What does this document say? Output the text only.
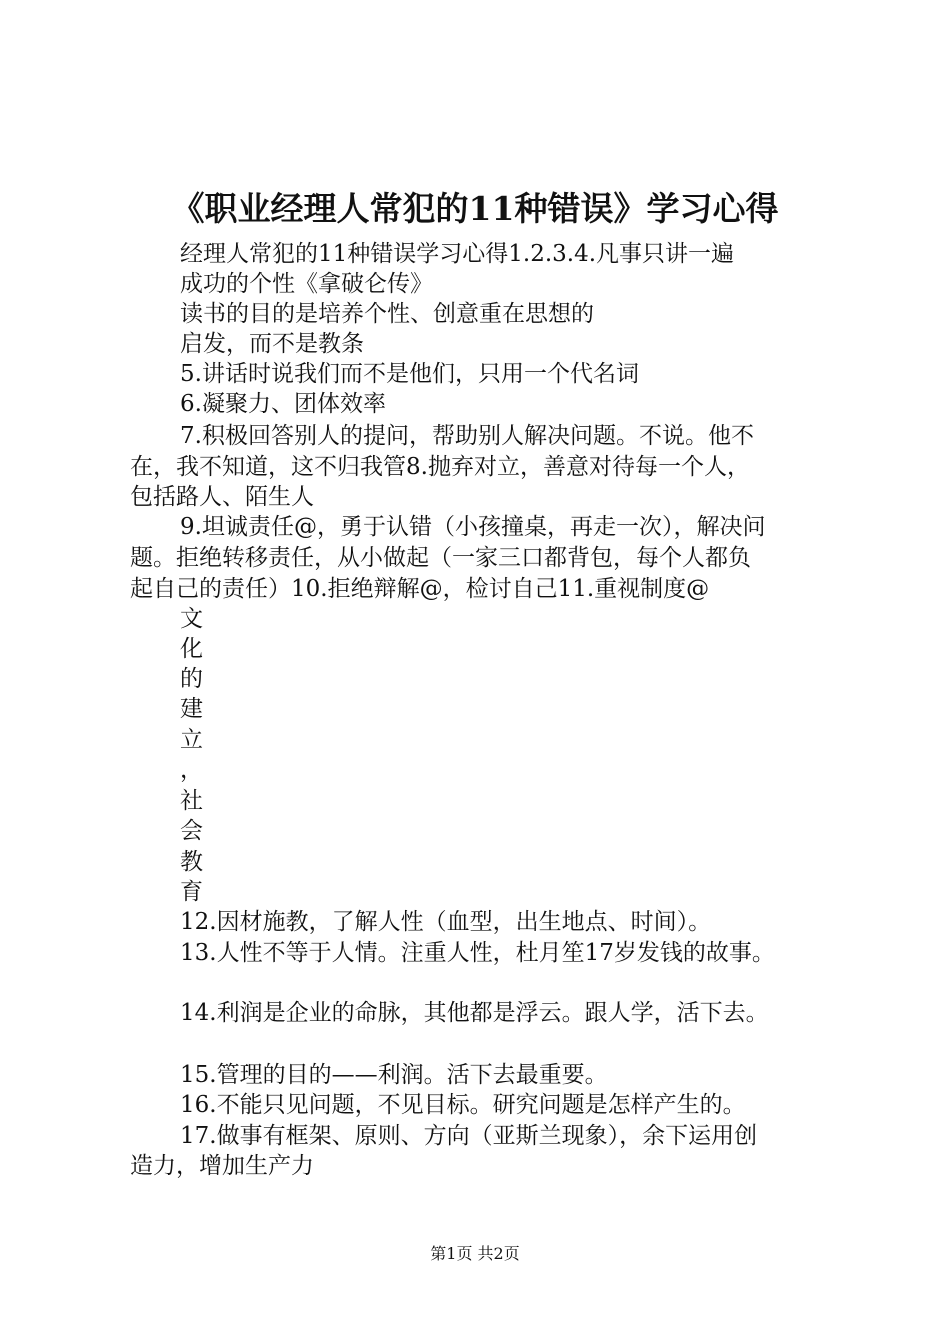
《职业经理人常犯的11种错误》学习心得
经理人常犯的11种错误学习心得1.2.3.4.凡事只讲一遍
成功的个性《拿破仑传》
读书的目的是培养个性、创意重在思想的
启发，而不是教条
5.讲话时说我们而不是他们，只用一个代名词
6.凝聚力、团体效率
7.积极回答别人的提问，帮助别人解决问题。不说。他不
在，我不知道，这不归我管8.抛弃对立，善意对待每一个人，
包括路人、陌生人
9.坦诚责任@，勇于认错（小孩撞桌，再走一次），解决问
题。拒绝转移责任，从小做起（一家三口都背包，每个人都负
起自己的责任）10.拒绝辩解@，检讨自己11.重视制度@
文
化
的
建
立
，
社
会
教
育
12.因材施教，了解人性（血型，出生地点、时间）。
13.人性不等于人情。注重人性，杜月笙17岁发钱的故事。
14.利润是企业的命脉，其他都是浮云。跟人学，活下去。
15.管理的目的——利润。活下去最重要。
16.不能只见问题，不见目标。研究问题是怎样产生的。
17.做事有框架、原则、方向（亚斯兰现象），余下运用创
造力，增加生产力
第1页 共2页
